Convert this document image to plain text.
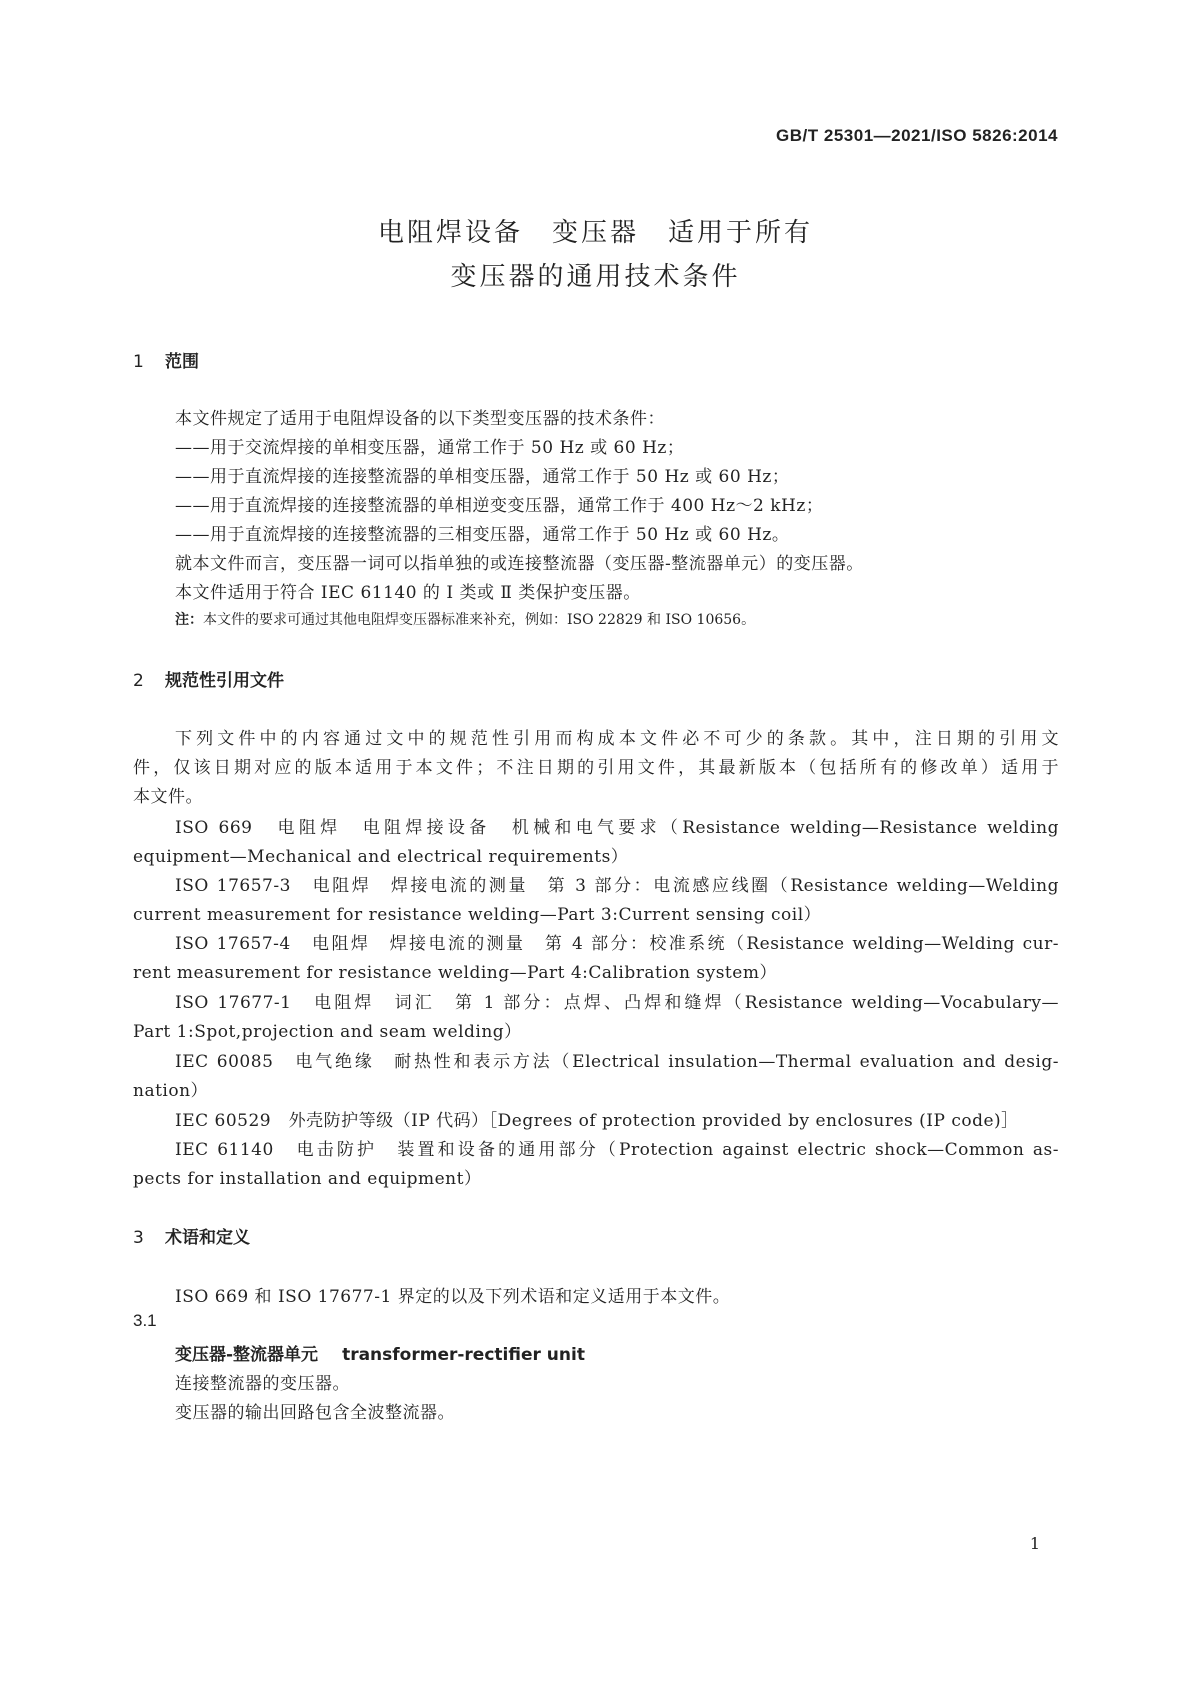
GB/T 25301—2021/ISO 5826:2014
电阻焊设备　变压器　适用于所有
变压器的通用技术条件
1 范围
本文件规定了适用于电阻焊设备的以下类型变压器的技术条件：
——用于交流焊接的单相变压器，通常工作于 50 Hz 或 60 Hz；
——用于直流焊接的连接整流器的单相变压器，通常工作于 50 Hz 或 60 Hz；
——用于直流焊接的连接整流器的单相逆变变压器，通常工作于 400 Hz～2 kHz；
——用于直流焊接的连接整流器的三相变压器，通常工作于 50 Hz 或 60 Hz。
就本文件而言，变压器一词可以指单独的或连接整流器（变压器-整流器单元）的变压器。
本文件适用于符合 IEC 61140 的 Ⅰ 类或 Ⅱ 类保护变压器。
注：本文件的要求可通过其他电阻焊变压器标准来补充，例如：ISO 22829 和 ISO 10656。
2 规范性引用文件
下列文件中的内容通过文中的规范性引用而构成本文件必不可少的条款。其中，注日期的引用文
件，仅该日期对应的版本适用于本文件；不注日期的引用文件，其最新版本（包括所有的修改单）适用于
本文件。
ISO 669　电阻焊　电阻焊接设备　机械和电气要求（Resistance welding—Resistance welding
equipment—Mechanical and electrical requirements）
ISO 17657-3　电阻焊　焊接电流的测量　第 3 部分：电流感应线圈（Resistance welding—Welding
current measurement for resistance welding—Part 3:Current sensing coil）
ISO 17657-4　电阻焊　焊接电流的测量　第 4 部分：校准系统（Resistance welding—Welding cur-
rent measurement for resistance welding—Part 4:Calibration system）
ISO 17677-1　电阻焊　词汇　第 1 部分：点焊、凸焊和缝焊（Resistance welding—Vocabulary—
Part 1:Spot,projection and seam welding）
IEC 60085　电气绝缘　耐热性和表示方法（Electrical insulation—Thermal evaluation and desig-
nation）
IEC 60529　外壳防护等级（IP 代码）［Degrees of protection provided by enclosures (IP code)］
IEC 61140　电击防护　装置和设备的通用部分（Protection against electric shock—Common as-
pects for installation and equipment）
3 术语和定义
ISO 669 和 ISO 17677-1 界定的以及下列术语和定义适用于本文件。
3.1
变压器-整流器单元 transformer-rectifier unit
连接整流器的变压器。
变压器的输出回路包含全波整流器。
1
